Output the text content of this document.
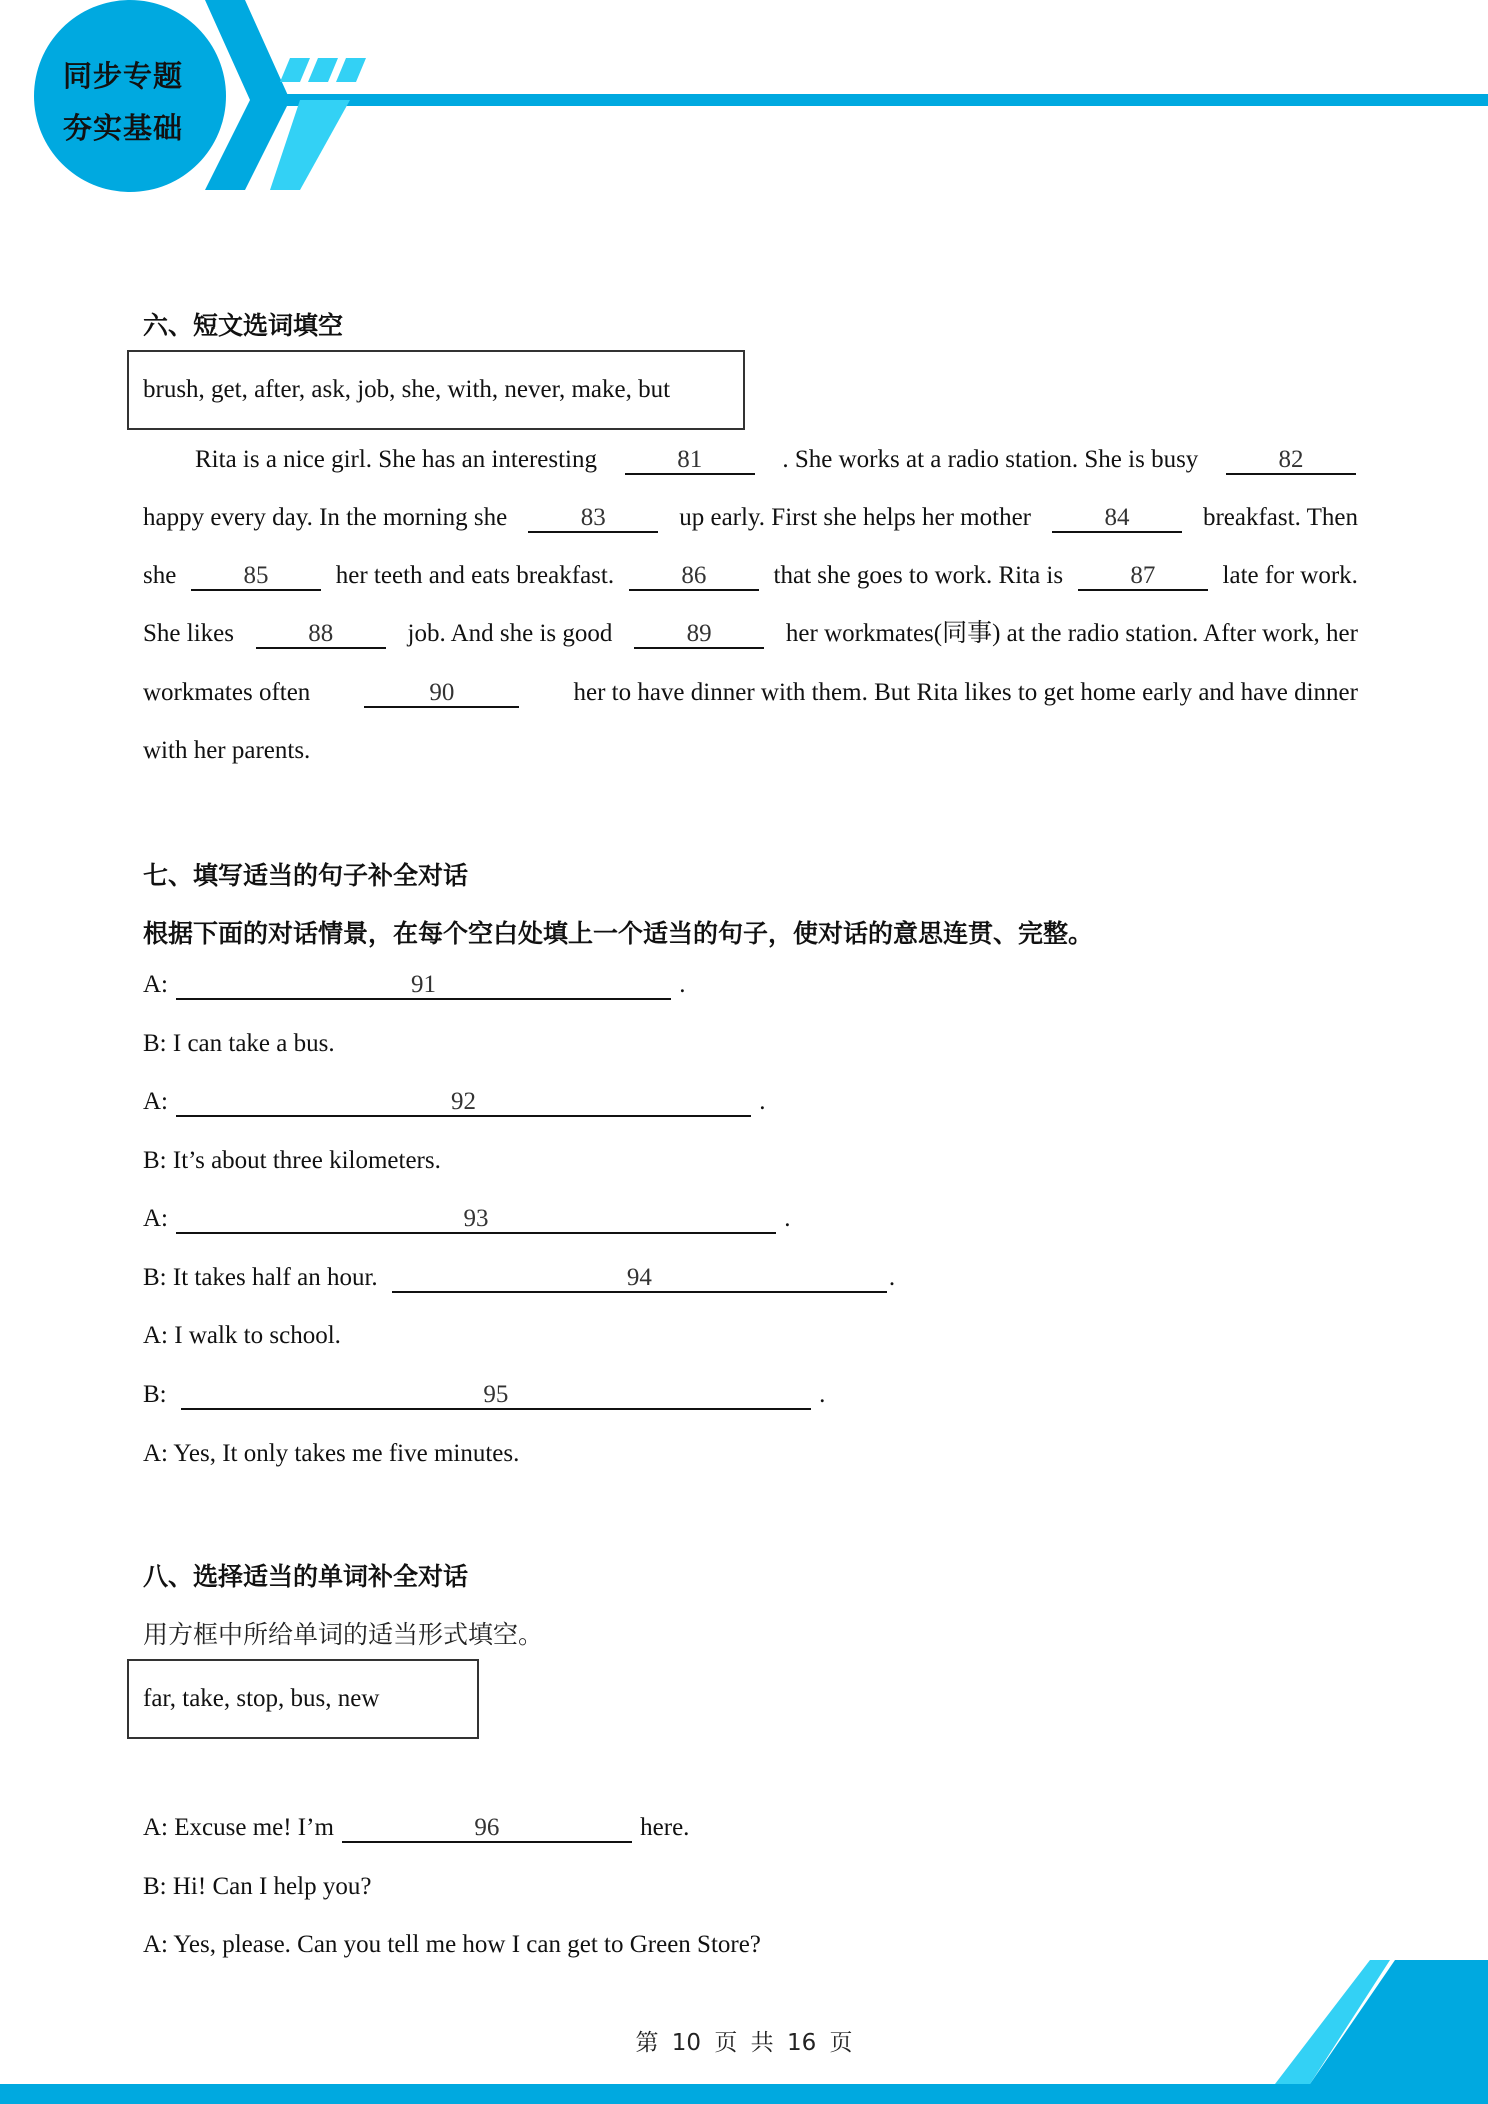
同步专题
夯实基础
六、短文选词填空
brush, get, after, ask, job, she, with, never, make, but
Rita is a nice girl. She has an interesting	81	. She works at a radio station. She is busy	82
happy every day. In the morning she	83	up early. First she helps her mother	84	breakfast. Then
she	85	her teeth and eats breakfast.	86	that she goes to work. Rita is	87	late for work.
She likes	88	job. And she is good	89	her workmates(同事) at the radio station. After work, her
workmates often	90	her to have dinner with them. But Rita likes to get home early and have dinner
with her parents.
七、填写适当的句子补全对话
根据下面的对话情景，在每个空白处填上一个适当的句子，使对话的意思连贯、完整。
A:	91	.
B: I can take a bus.
A:	92	.
B: It’s about three kilometers.
A:	93	.
B: It takes half an hour.	94	.
A: I walk to school.
B:	95	.
A: Yes, It only takes me five minutes.
八、选择适当的单词补全对话
用方框中所给单词的适当形式填空。
far, take, stop, bus, new
A: Excuse me! I’m	96	here.
B: Hi! Can I help you?
A: Yes, please. Can you tell me how I can get to Green Store?
第 10 页 共 16 页
